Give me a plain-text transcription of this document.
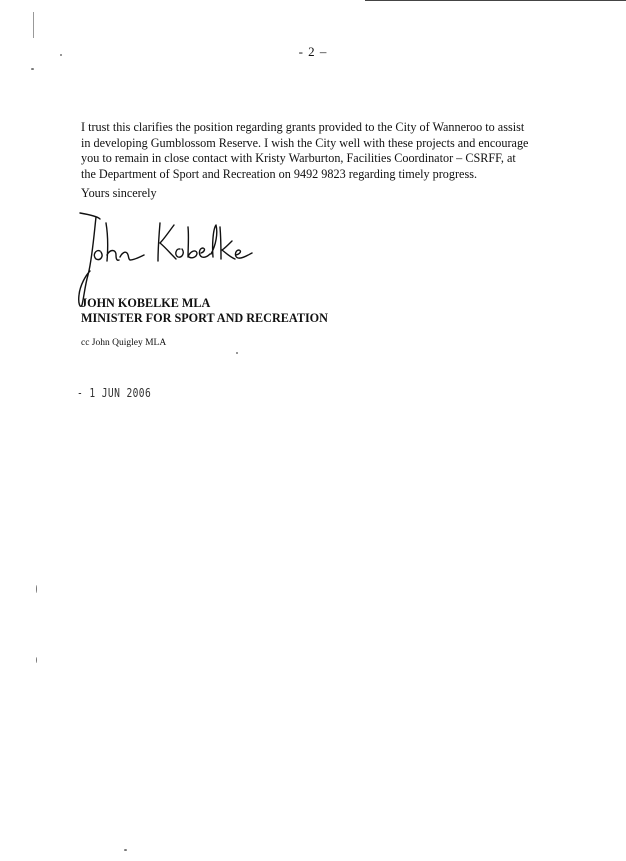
- 2 –

I trust this clarifies the position regarding grants provided to the City of Wanneroo to assist
in developing Gumblossom Reserve. I wish the City well with these projects and encourage
you to remain in close contact with Kristy Warburton, Facilities Coordinator – CSRFF, at
the Department of Sport and Recreation on 9492 9823 regarding timely progress.

Yours sincerely
JOHN KOBELKE MLA
MINISTER FOR SPORT AND RECREATION
cc John Quigley MLA
- 1 JUN 2006
